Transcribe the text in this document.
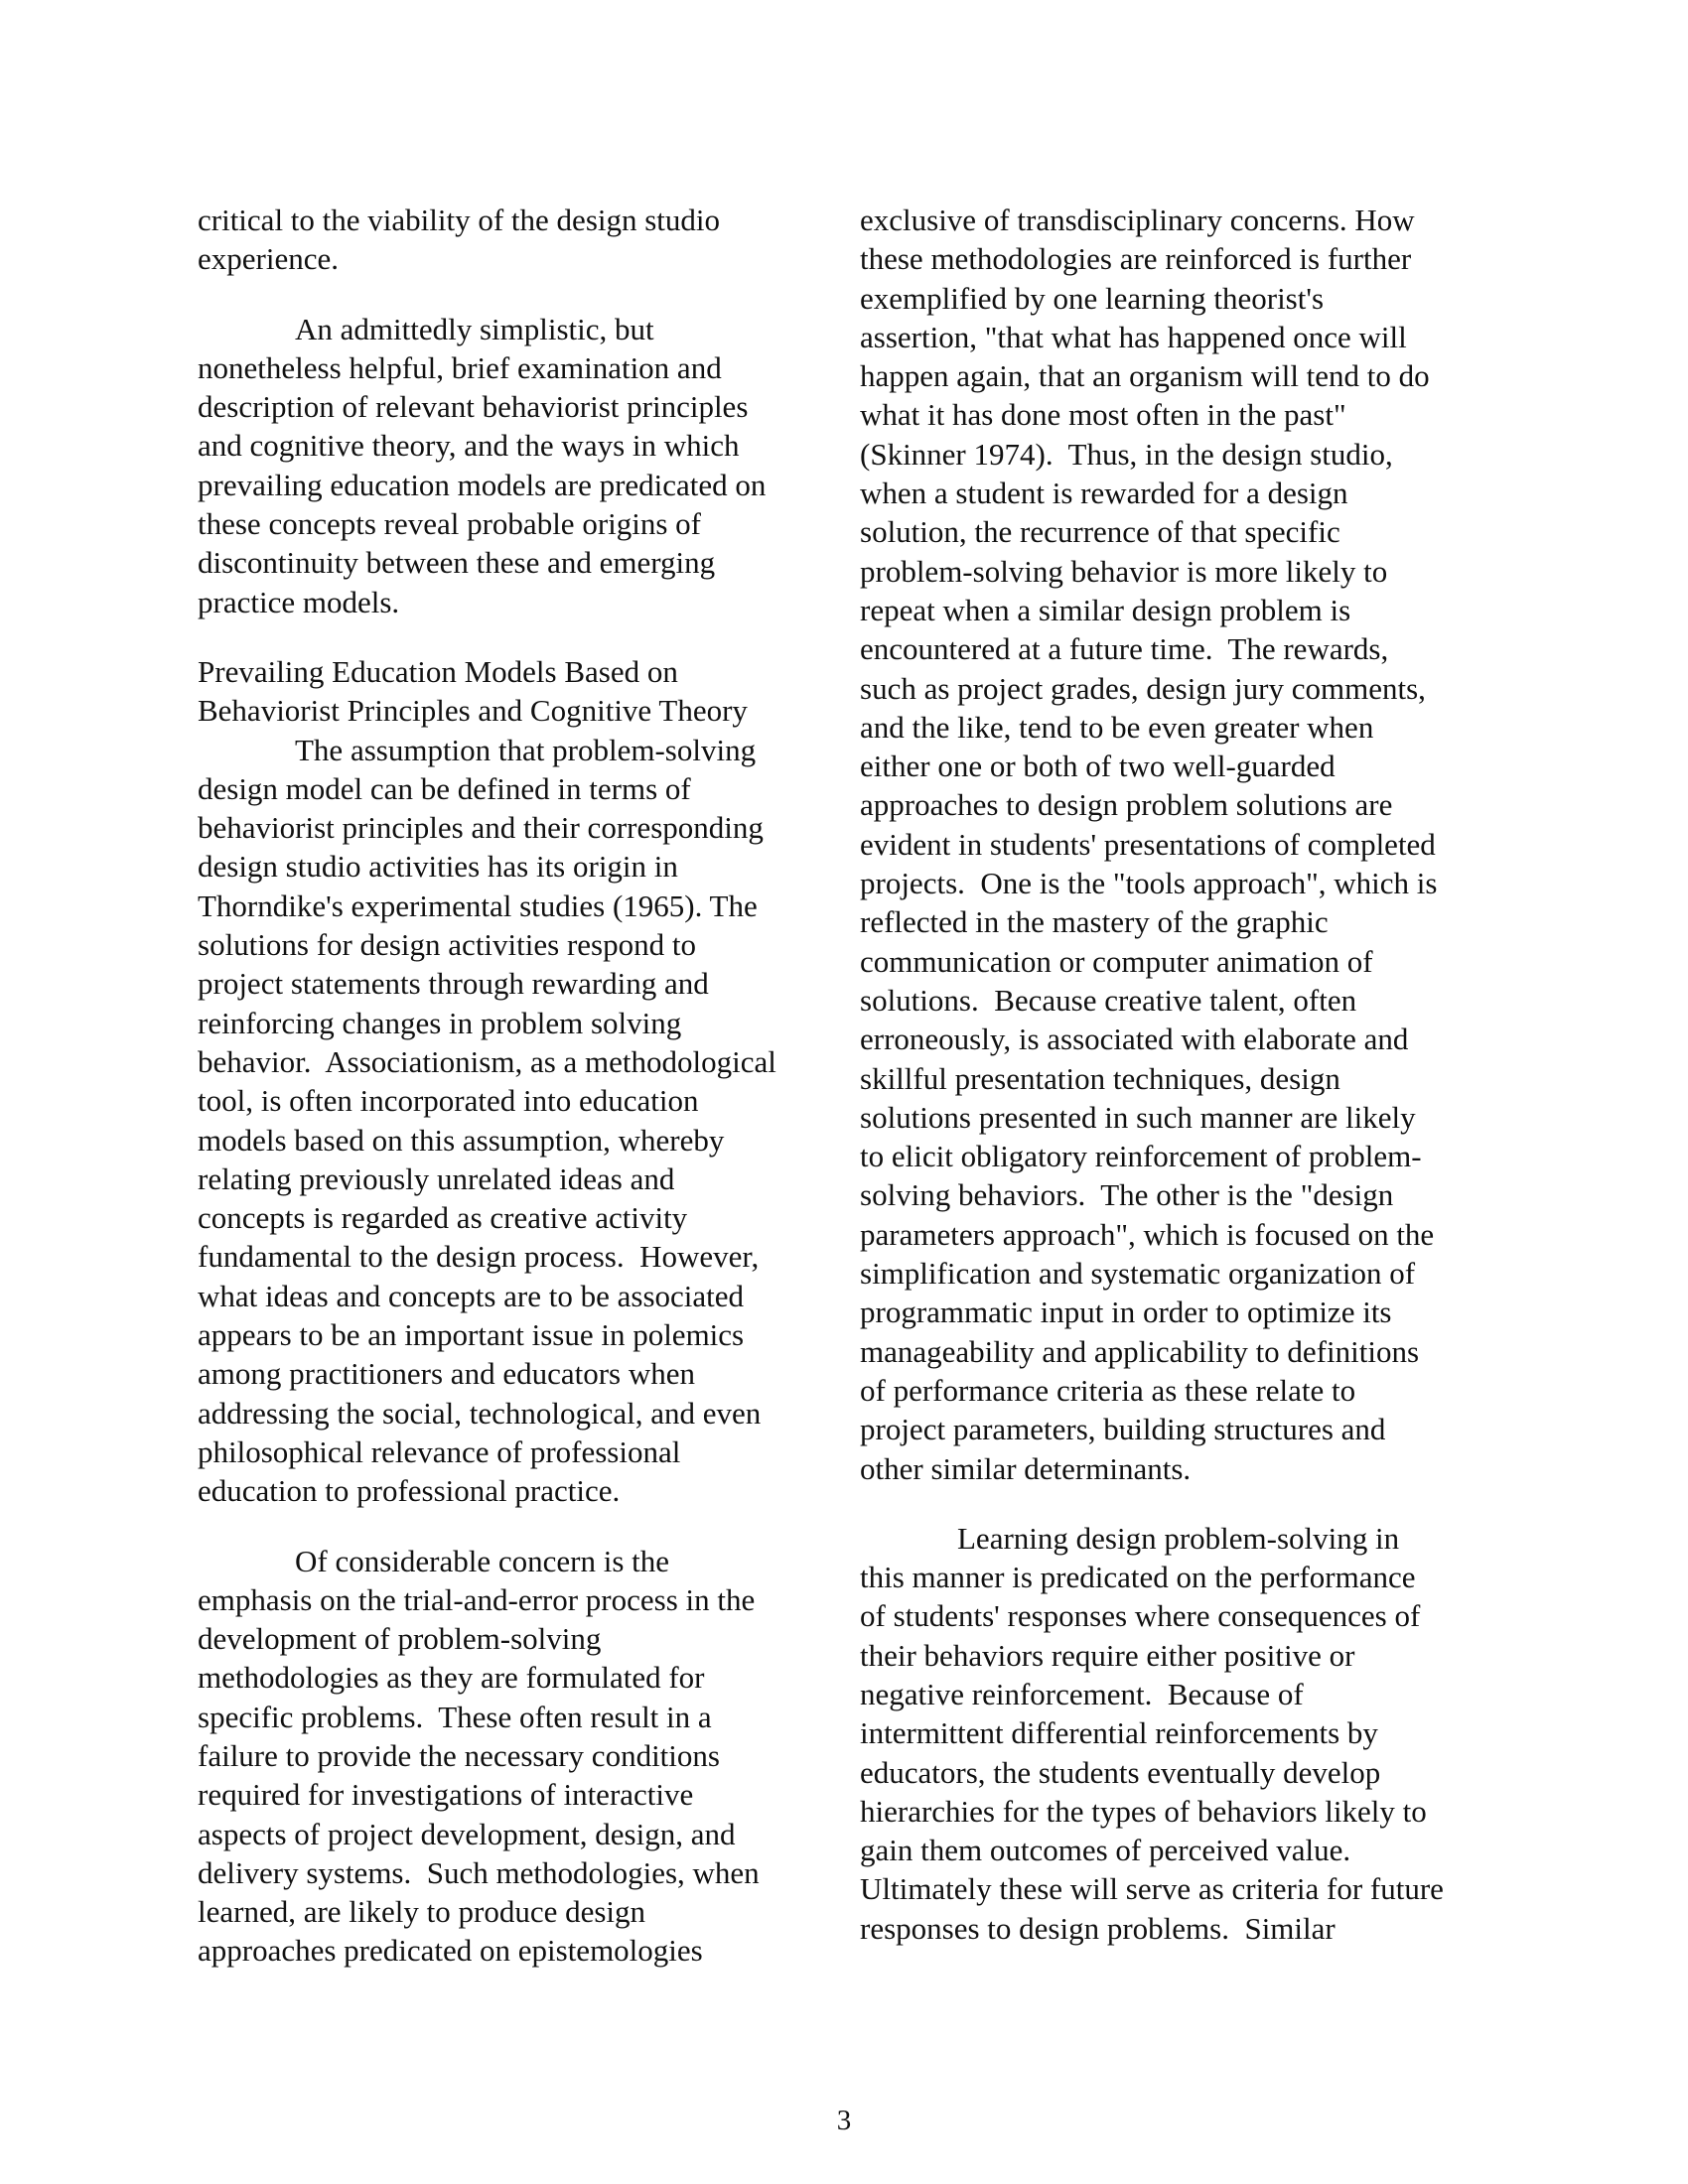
critical to the viability of the design studio
experience.
An admittedly simplistic, but
nonetheless helpful, brief examination and
description of relevant behaviorist principles
and cognitive theory, and the ways in which
prevailing education models are predicated on
these concepts reveal probable origins of
discontinuity between these and emerging
practice models.
Prevailing Education Models Based on
Behaviorist Principles and Cognitive Theory
The assumption that problem-solving
design model can be defined in terms of
behaviorist principles and their corresponding
design studio activities has its origin in
Thorndike's experimental studies (1965). The
solutions for design activities respond to
project statements through rewarding and
reinforcing changes in problem solving
behavior.  Associationism, as a methodological
tool, is often incorporated into education
models based on this assumption, whereby
relating previously unrelated ideas and
concepts is regarded as creative activity
fundamental to the design process.  However,
what ideas and concepts are to be associated
appears to be an important issue in polemics
among practitioners and educators when
addressing the social, technological, and even
philosophical relevance of professional
education to professional practice.
Of considerable concern is the
emphasis on the trial-and-error process in the
development of problem-solving
methodologies as they are formulated for
specific problems.  These often result in a
failure to provide the necessary conditions
required for investigations of interactive
aspects of project development, design, and
delivery systems.  Such methodologies, when
learned, are likely to produce design
approaches predicated on epistemologies
exclusive of transdisciplinary concerns. How
these methodologies are reinforced is further
exemplified by one learning theorist's
assertion, "that what has happened once will
happen again, that an organism will tend to do
what it has done most often in the past"
(Skinner 1974).  Thus, in the design studio,
when a student is rewarded for a design
solution, the recurrence of that specific
problem-solving behavior is more likely to
repeat when a similar design problem is
encountered at a future time.  The rewards,
such as project grades, design jury comments,
and the like, tend to be even greater when
either one or both of two well-guarded
approaches to design problem solutions are
evident in students' presentations of completed
projects.  One is the "tools approach", which is
reflected in the mastery of the graphic
communication or computer animation of
solutions.  Because creative talent, often
erroneously, is associated with elaborate and
skillful presentation techniques, design
solutions presented in such manner are likely
to elicit obligatory reinforcement of problem-
solving behaviors.  The other is the "design
parameters approach", which is focused on the
simplification and systematic organization of
programmatic input in order to optimize its
manageability and applicability to definitions
of performance criteria as these relate to
project parameters, building structures and
other similar determinants.
Learning design problem-solving in
this manner is predicated on the performance
of students' responses where consequences of
their behaviors require either positive or
negative reinforcement.  Because of
intermittent differential reinforcements by
educators, the students eventually develop
hierarchies for the types of behaviors likely to
gain them outcomes of perceived value.
Ultimately these will serve as criteria for future
responses to design problems.  Similar
3
